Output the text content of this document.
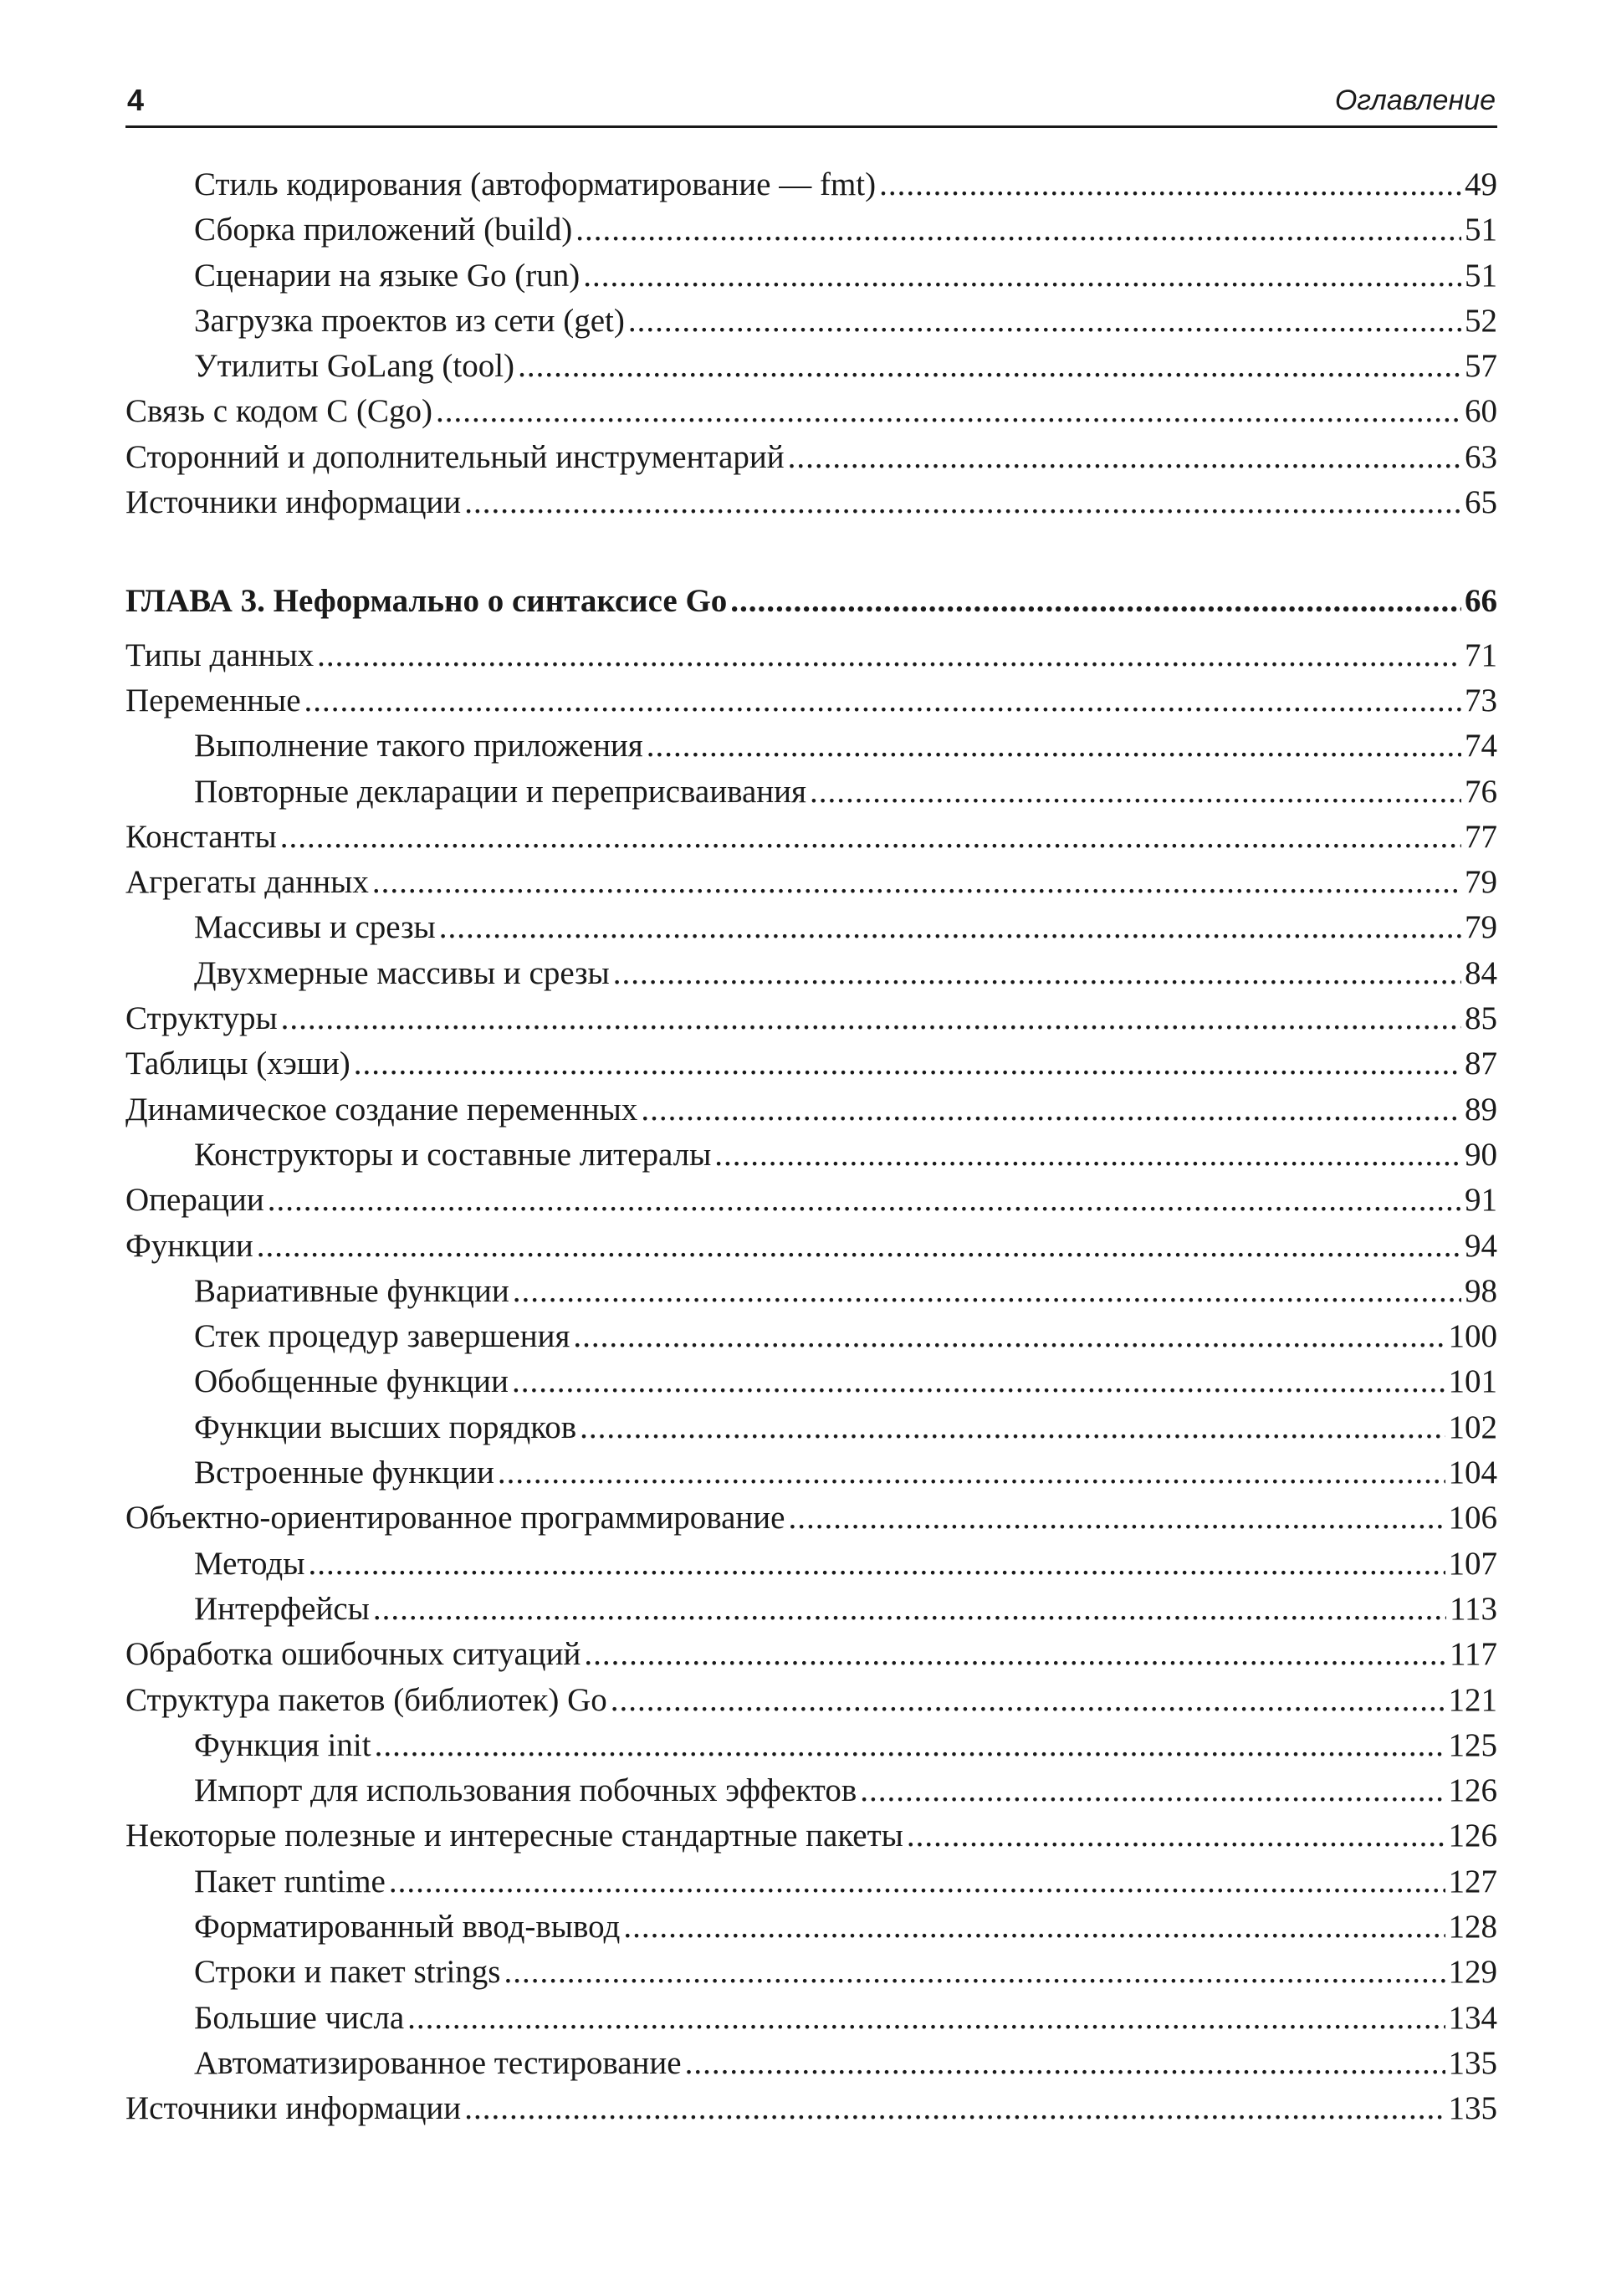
4	Оглавление
Стиль кодирования (автоформатирование — fmt) .....	49
Сборка приложений (build) .....	51
Сценарии на языке Go (run) .....	51
Загрузка проектов из сети (get) .....	52
Утилиты GoLang (tool) .....	57
Связь с кодом С (Cgo) .....	60
Сторонний и дополнительный инструментарий .....	63
Источники информации .....	65
ГЛАВА 3. Неформально о синтаксисе Go .....	66
Типы данных .....	71
Переменные .....	73
Выполнение такого приложения .....	74
Повторные декларации и переприсваивания .....	76
Константы .....	77
Агрегаты данных .....	79
Массивы и срезы .....	79
Двухмерные массивы и срезы .....	84
Структуры .....	85
Таблицы (хэши) .....	87
Динамическое создание переменных .....	89
Конструкторы и составные литералы .....	90
Операции .....	91
Функции .....	94
Вариативные функции .....	98
Стек процедур завершения .....	100
Обобщенные функции .....	101
Функции высших порядков .....	102
Встроенные функции .....	104
Объектно-ориентированное программирование .....	106
Методы .....	107
Интерфейсы .....	113
Обработка ошибочных ситуаций .....	117
Структура пакетов (библиотек) Go .....	121
Функция init .....	125
Импорт для использования побочных эффектов .....	126
Некоторые полезные и интересные стандартные пакеты .....	126
Пакет runtime .....	127
Форматированный ввод-вывод .....	128
Строки и пакет strings .....	129
Большие числа .....	134
Автоматизированное тестирование .....	135
Источники информации .....	135
